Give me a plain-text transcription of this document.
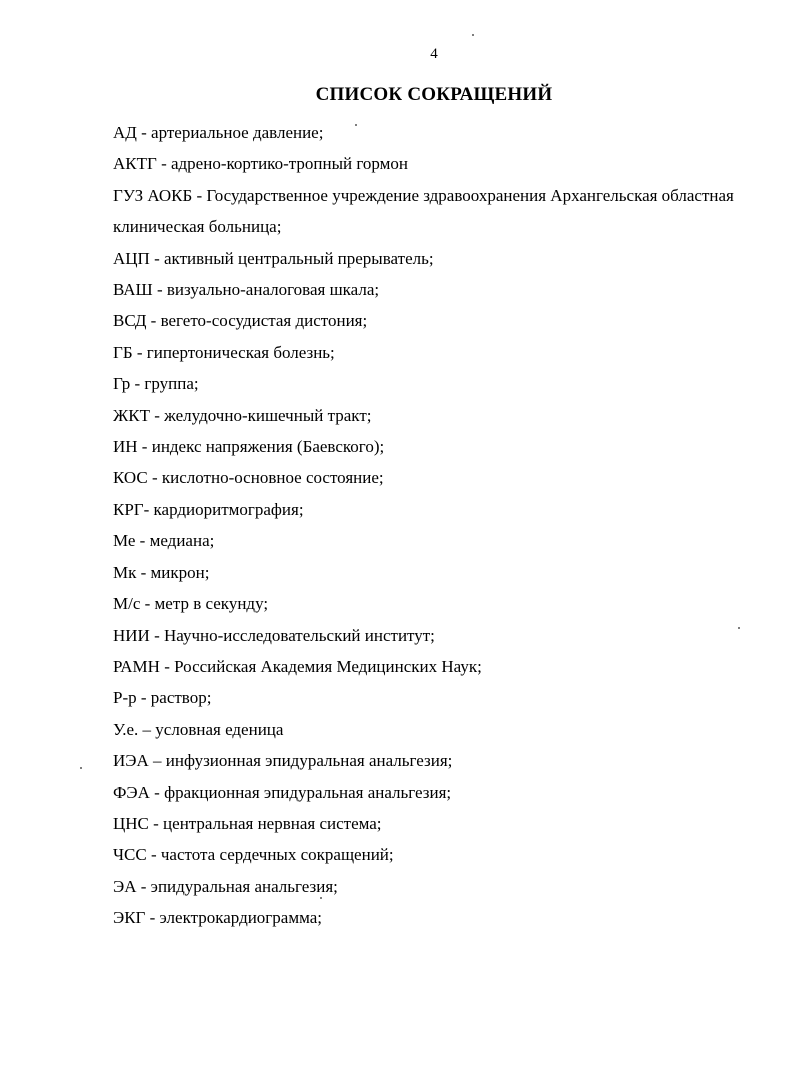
4
СПИСОК СОКРАЩЕНИЙ
АД - артериальное давление;
АКТГ - адрено-кортико-тропный гормон
ГУЗ АОКБ - Государственное учреждение здравоохранения Архангельская областная клиническая больница;
АЦП - активный центральный прерыватель;
ВАШ - визуально-аналоговая шкала;
ВСД - вегето-сосудистая дистония;
ГБ - гипертоническая болезнь;
Гр - группа;
ЖКТ - желудочно-кишечный тракт;
ИН - индекс напряжения (Баевского);
КОС - кислотно-основное состояние;
КРГ- кардиоритмография;
Ме - медиана;
Мк - микрон;
М/с - метр в секунду;
НИИ - Научно-исследовательский институт;
РАМН - Российская Академия Медицинских Наук;
Р-р - раствор;
У.е. – условная еденица
ИЭА – инфузионная эпидуральная анальгезия;
ФЭА - фракционная эпидуральная анальгезия;
ЦНС - центральная нервная система;
ЧСС - частота сердечных сокращений;
ЭА - эпидуральная анальгезия;
ЭКГ - электрокардиограмма;
